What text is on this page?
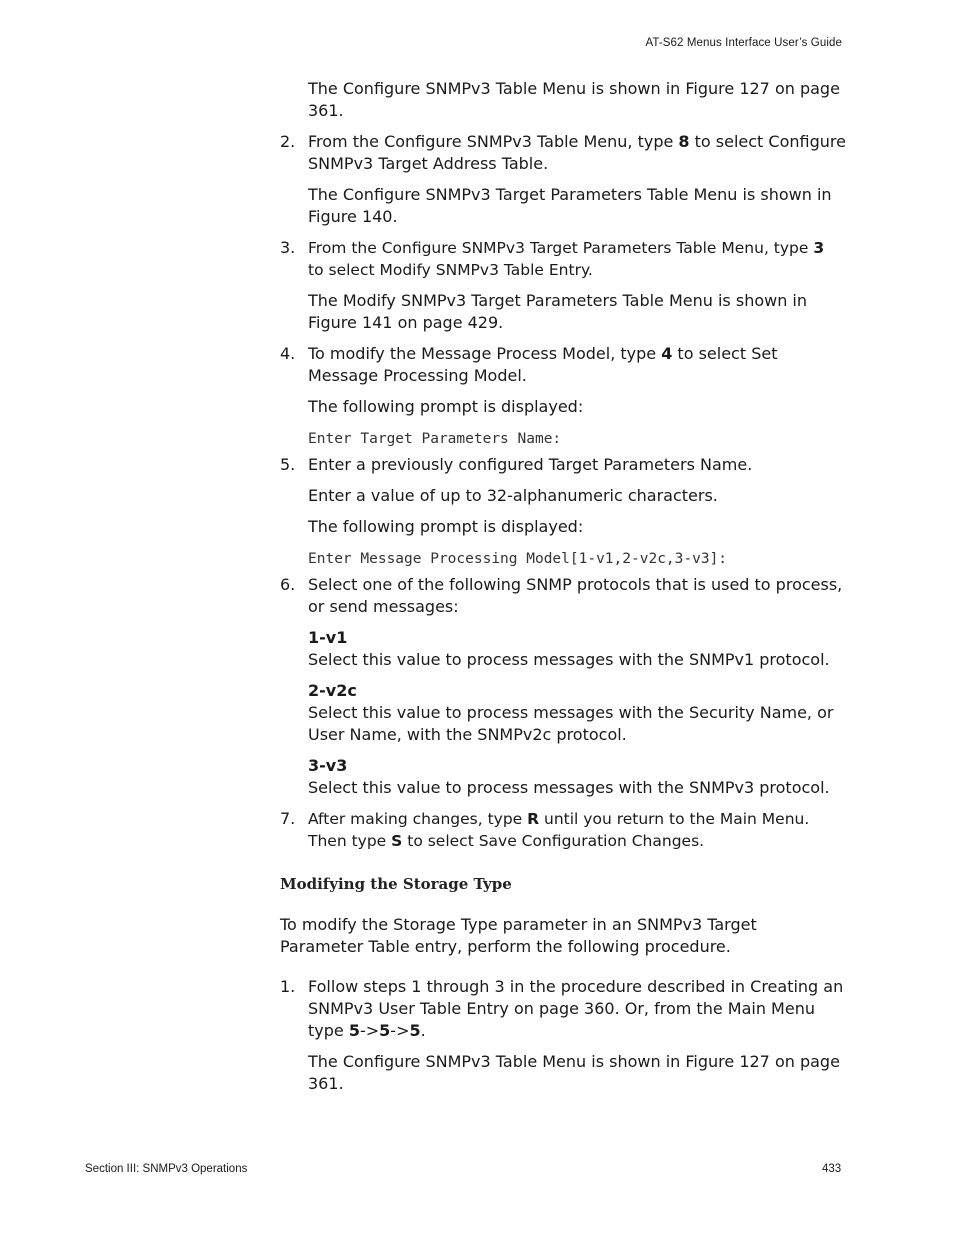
AT-S62 Menus Interface User’s Guide
The Configure SNMPv3 Table Menu is shown in Figure 127 on page 361.
2. From the Configure SNMPv3 Table Menu, type 8 to select Configure SNMPv3 Target Address Table.
The Configure SNMPv3 Target Parameters Table Menu is shown in Figure 140.
3. From the Configure SNMPv3 Target Parameters Table Menu, type 3 to select Modify SNMPv3 Table Entry.
The Modify SNMPv3 Target Parameters Table Menu is shown in Figure 141 on page 429.
4. To modify the Message Process Model, type 4 to select Set Message Processing Model.
The following prompt is displayed:
Enter Target Parameters Name:
5. Enter a previously configured Target Parameters Name.
Enter a value of up to 32-alphanumeric characters.
The following prompt is displayed:
Enter Message Processing Model[1-v1,2-v2c,3-v3]:
6. Select one of the following SNMP protocols that is used to process, or send messages:
1-v1
Select this value to process messages with the SNMPv1 protocol.
2-v2c
Select this value to process messages with the Security Name, or User Name, with the SNMPv2c protocol.
3-v3
Select this value to process messages with the SNMPv3 protocol.
7. After making changes, type R until you return to the Main Menu. Then type S to select Save Configuration Changes.
Modifying the Storage Type
To modify the Storage Type parameter in an SNMPv3 Target Parameter Table entry, perform the following procedure.
1. Follow steps 1 through 3 in the procedure described in Creating an SNMPv3 User Table Entry on page 360. Or, from the Main Menu type 5->5->5.
The Configure SNMPv3 Table Menu is shown in Figure 127 on page 361.
Section III: SNMPv3 Operations	433
